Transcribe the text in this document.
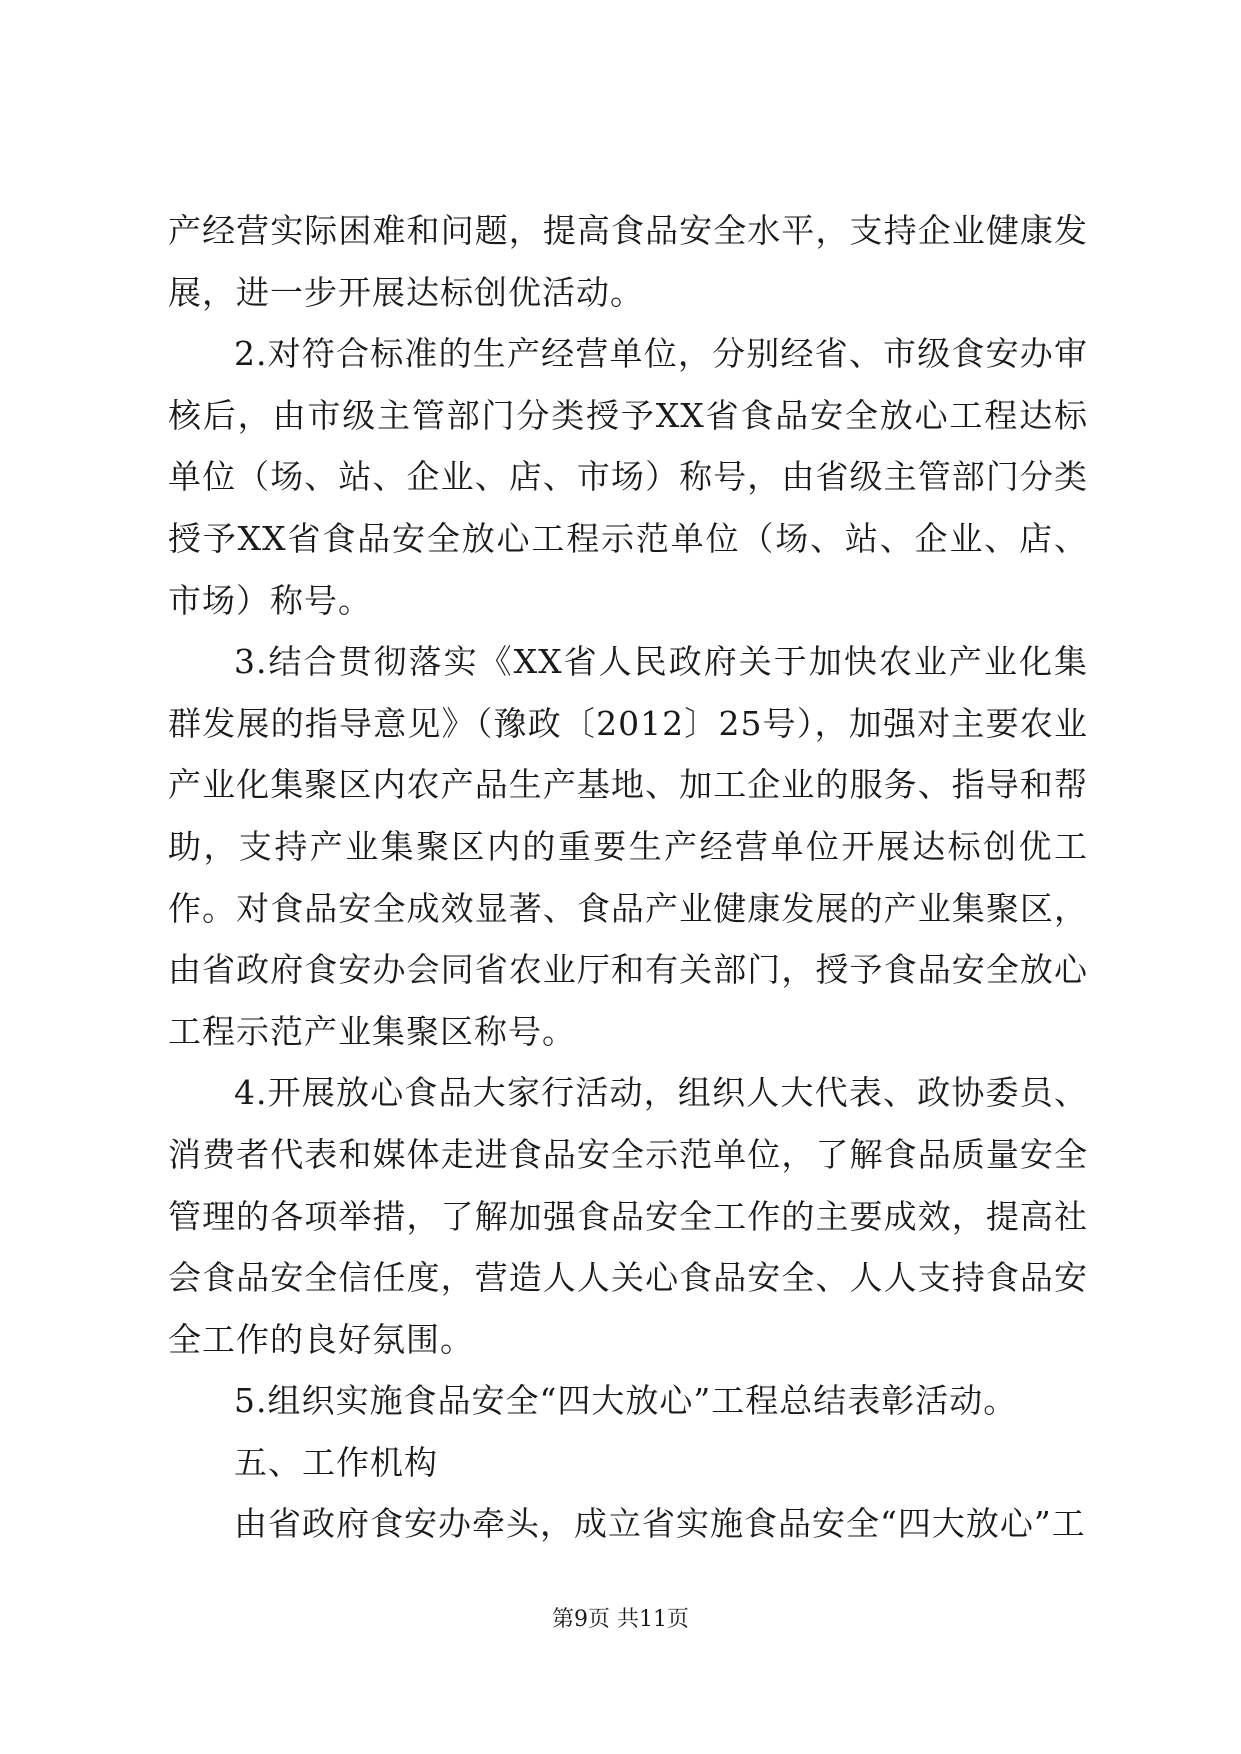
产经营实际困难和问题，提高食品安全水平，支持企业健康发展，进一步开展达标创优活动。

2.对符合标准的生产经营单位，分别经省、市级食安办审核后，由市级主管部门分类授予XX省食品安全放心工程达标单位（场、站、企业、店、市场）称号，由省级主管部门分类授予XX省食品安全放心工程示范单位（场、站、企业、店、市场）称号。

3.结合贯彻落实《XX省人民政府关于加快农业产业化集群发展的指导意见》（豫政〔2012〕25号），加强对主要农业产业化集聚区内农产品生产基地、加工企业的服务、指导和帮助，支持产业集聚区内的重要生产经营单位开展达标创优工作。对食品安全成效显著、食品产业健康发展的产业集聚区，由省政府食安办会同省农业厅和有关部门，授予食品安全放心工程示范产业集聚区称号。

4.开展放心食品大家行活动，组织人大代表、政协委员、消费者代表和媒体走进食品安全示范单位，了解食品质量安全管理的各项举措，了解加强食品安全工作的主要成效，提高社会食品安全信任度，营造人人关心食品安全、人人支持食品安全工作的良好氛围。

5.组织实施食品安全“四大放心”工程总结表彰活动。

五、工作机构

由省政府食安办牵头，成立省实施食品安全“四大放心”工

第9页 共11页
